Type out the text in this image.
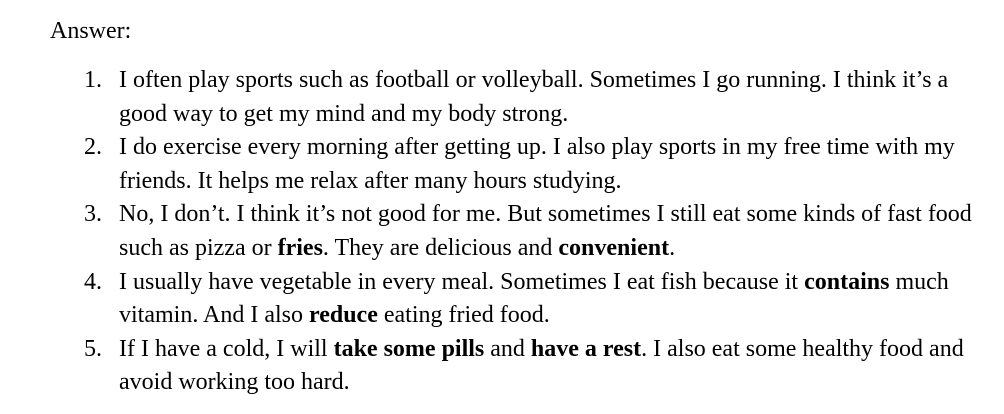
Answer:

1. I often play sports such as football or volleyball. Sometimes I go running. I think it’s a good way to get my mind and my body strong.
2. I do exercise every morning after getting up. I also play sports in my free time with my friends. It helps me relax after many hours studying.
3. No, I don’t. I think it’s not good for me. But sometimes I still eat some kinds of fast food such as pizza or fries. They are delicious and convenient.
4. I usually have vegetable in every meal. Sometimes I eat fish because it contains much vitamin. And I also reduce eating fried food.
5. If I have a cold, I will take some pills and have a rest. I also eat some healthy food and avoid working too hard.
